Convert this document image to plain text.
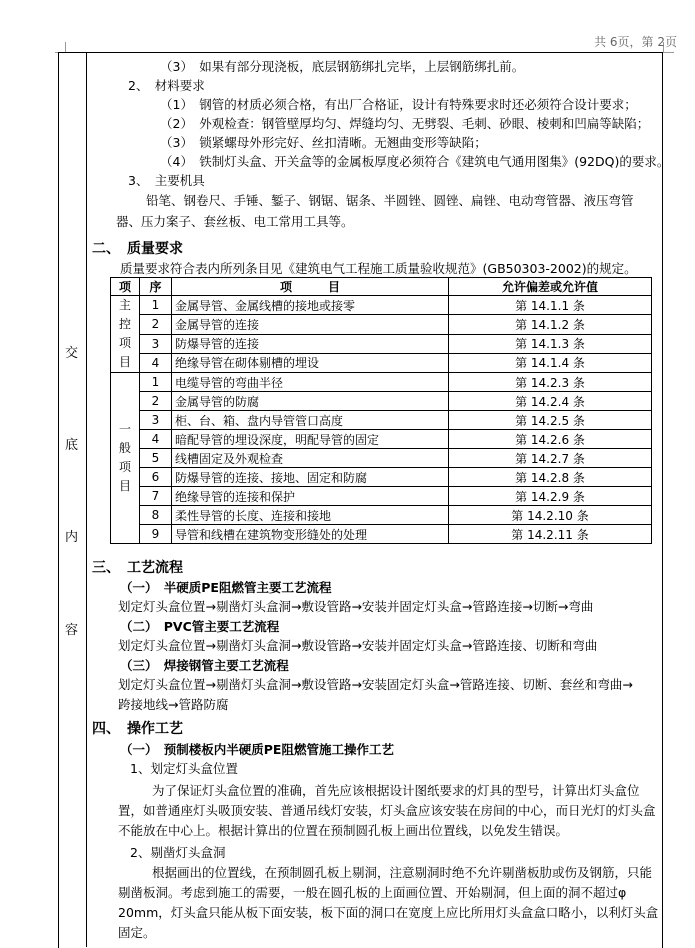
共 6页，第 2页
交
底
内
容
（3）　如果有部分现浇板，底层钢筋绑扎完毕，上层钢筋绑扎前。
2、　材料要求
（1）　钢管的材质必须合格，有出厂合格证，设计有特殊要求时还必须符合设计要求；
（2）　外观检查：钢管壁厚均匀、焊缝均匀、无劈裂、毛刺、砂眼、棱刺和凹扁等缺陷；
（3）　锁紧螺母外形完好、丝扣清晰。无翘曲变形等缺陷；
（4）　铁制灯头盒、开关盒等的金属板厚度必须符合《建筑电气通用图集》(92DQ)的要求。
3、　主要机具
铅笔、钢卷尺、手锤、錾子、钢锯、锯条、半圆锉、圆锉、扁锉、电动弯管器、液压弯管
器、压力案子、套丝板、电工常用工具等。
二、　质量要求
质量要求符合表内所列条目见《建筑电气工程施工质量验收规范》(GB50303-2002)的规定。
项	序	项　　　目	允许偏差或允许值
主控项目	1	金属导管、金属线槽的接地或接零	第 14.1.1 条
	2	金属导管的连接	第 14.1.2 条
	3	防爆导管的连接	第 14.1.3 条
	4	绝缘导管在砌体剔槽的埋设	第 14.1.4 条
一般项目	1	电缆导管的弯曲半径	第 14.2.3 条
	2	金属导管的防腐	第 14.2.4 条
	3	柜、台、箱、盘内导管管口高度	第 14.2.5 条
	4	暗配导管的埋设深度，明配导管的固定	第 14.2.6 条
	5	线槽固定及外观检查	第 14.2.7 条
	6	防爆导管的连接、接地、固定和防腐	第 14.2.8 条
	7	绝缘导管的连接和保护	第 14.2.9 条
	8	柔性导管的长度、连接和接地	第 14.2.10 条
	9	导管和线槽在建筑物变形缝处的处理	第 14.2.11 条
三、　工艺流程
（一）　半硬质PE阻燃管主要工艺流程
划定灯头盒位置→剔凿灯头盒洞→敷设管路→安装并固定灯头盒→管路连接→切断→弯曲
（二）　PVC管主要工艺流程
划定灯头盒位置→剔凿灯头盒洞→敷设管路→安装并固定灯头盒→管路连接、切断和弯曲
（三）　焊接钢管主要工艺流程
划定灯头盒位置→剔凿灯头盒洞→敷设管路→安装固定灯头盒→管路连接、切断、套丝和弯曲→
跨接地线→管路防腐
四、　操作工艺
（一）　预制楼板内半硬质PE阻燃管施工操作工艺
1、划定灯头盒位置
为了保证灯头盒位置的准确，首先应该根据设计图纸要求的灯具的型号，计算出灯头盒位
置，如普通座灯头吸顶安装、普通吊线灯安装，灯头盒应该安装在房间的中心，而日光灯的灯头盒
不能放在中心上。根据计算出的位置在预制圆孔板上画出位置线，以免发生错误。
2、剔凿灯头盒洞
根据画出的位置线，在预制圆孔板上剔洞，注意剔洞时绝不允许剔凿板肋或伤及钢筋，只能
剔凿板洞。考虑到施工的需要，一般在圆孔板的上面画位置、开始剔洞，但上面的洞不超过φ
20mm，灯头盒只能从板下面安装，板下面的洞口在宽度上应比所用灯头盒盒口略小，以利灯头盒
固定。
